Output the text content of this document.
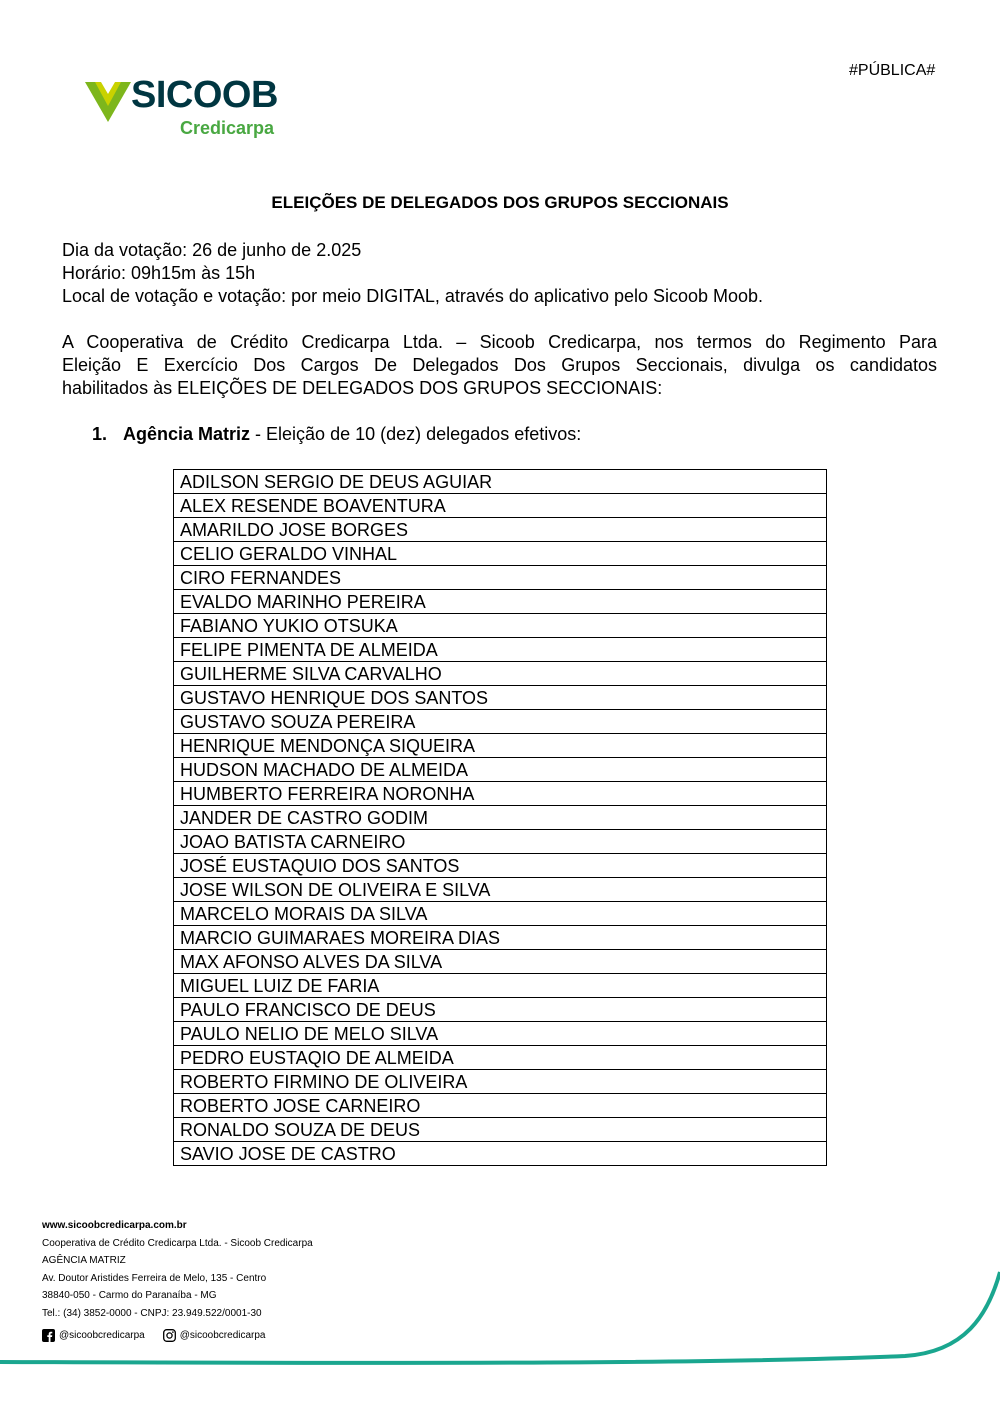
#PÚBLICA#
SICOOB
Credicarpa
ELEIÇÕES DE DELEGADOS DOS GRUPOS SECCIONAIS
Dia da votação: 26 de junho de 2.025
Horário: 09h15m às 15h
Local de votação e votação: por meio DIGITAL, através do aplicativo pelo Sicoob Moob.
A Cooperativa de Crédito Credicarpa Ltda. – Sicoob Credicarpa, nos termos do Regimento Para
Eleição E Exercício Dos Cargos De Delegados Dos Grupos Seccionais, divulga os candidatos
habilitados às ELEIÇÕES DE DELEGADOS DOS GRUPOS SECCIONAIS:
1. Agência Matriz - Eleição de 10 (dez) delegados efetivos:
ADILSON SERGIO DE DEUS AGUIAR
ALEX RESENDE BOAVENTURA
AMARILDO JOSE BORGES
CELIO GERALDO VINHAL
CIRO FERNANDES
EVALDO MARINHO PEREIRA
FABIANO YUKIO OTSUKA
FELIPE PIMENTA DE ALMEIDA
GUILHERME SILVA CARVALHO
GUSTAVO HENRIQUE DOS SANTOS
GUSTAVO SOUZA PEREIRA
HENRIQUE MENDONÇA SIQUEIRA
HUDSON MACHADO DE ALMEIDA
HUMBERTO FERREIRA NORONHA
JANDER DE CASTRO GODIM
JOAO BATISTA CARNEIRO
JOSÉ EUSTAQUIO DOS SANTOS
JOSE WILSON DE OLIVEIRA E SILVA
MARCELO MORAIS DA SILVA
MARCIO GUIMARAES MOREIRA DIAS
MAX AFONSO ALVES DA SILVA
MIGUEL LUIZ DE FARIA
PAULO FRANCISCO DE DEUS
PAULO NELIO DE MELO SILVA
PEDRO EUSTAQIO DE ALMEIDA
ROBERTO FIRMINO DE OLIVEIRA
ROBERTO JOSE CARNEIRO
RONALDO SOUZA DE DEUS
SAVIO JOSE DE CASTRO
www.sicoobcredicarpa.com.br
Cooperativa de Crédito Credicarpa Ltda. - Sicoob Credicarpa
AGÊNCIA MATRIZ
Av. Doutor Aristides Ferreira de Melo, 135 - Centro
38840-050 - Carmo do Paranaíba - MG
Tel.: (34) 3852-0000 - CNPJ: 23.949.522/0001-30
@sicoobcredicarpa	@sicoobcredicarpa
